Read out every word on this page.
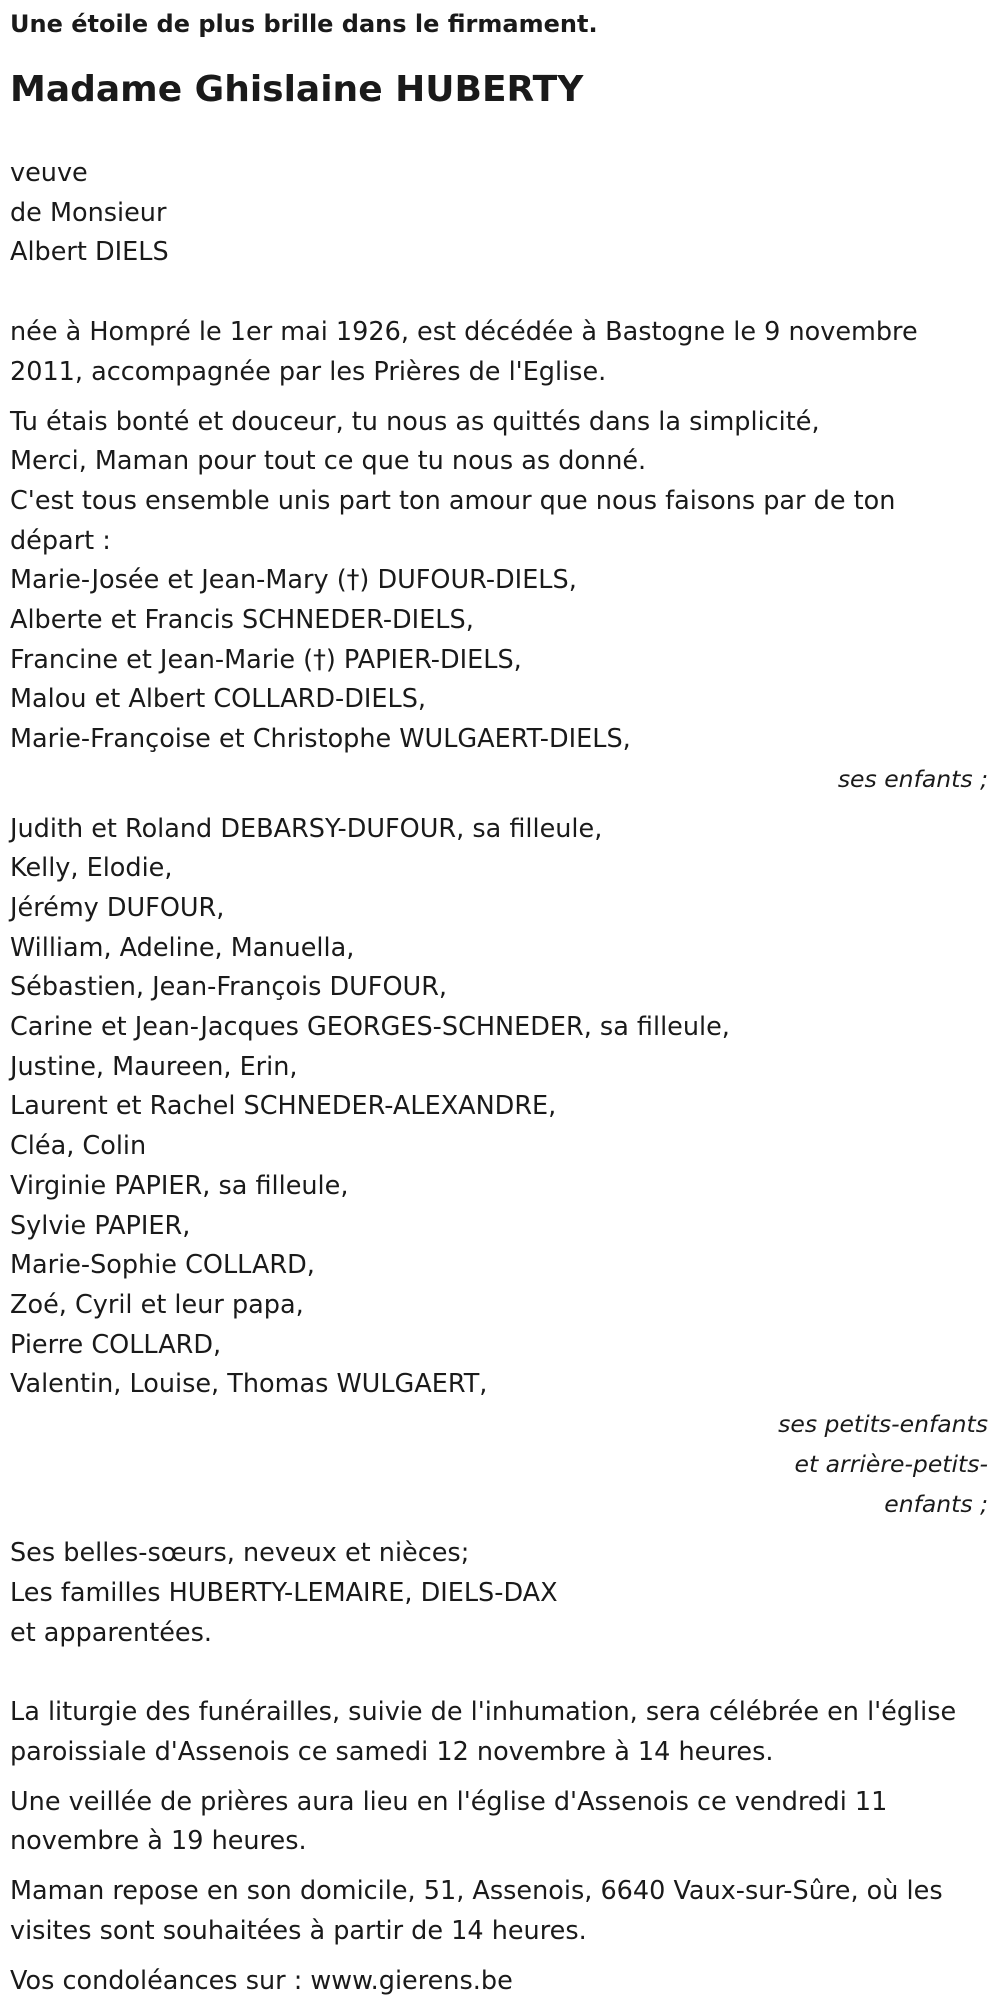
Une étoile de plus brille dans le firmament.
Madame Ghislaine HUBERTY
veuve
de Monsieur
Albert DIELS

née à Hompré le 1er mai 1926, est décédée à Bastogne le 9 novembre 2011, accompagnée par les Prières de l'Eglise.

Tu étais bonté et douceur, tu nous as quittés dans la simplicité,
Merci, Maman pour tout ce que tu nous as donné.
C'est tous ensemble unis part ton amour que nous faisons par de ton
départ :
Marie-Josée et Jean-Mary (†) DUFOUR-DIELS,
Alberte et Francis SCHNEDER-DIELS,
Francine et Jean-Marie (†) PAPIER-DIELS,
Malou et Albert COLLARD-DIELS,
Marie-Françoise et Christophe WULGAERT-DIELS,
ses enfants ;
Judith et Roland DEBARSY-DUFOUR, sa filleule,
Kelly, Elodie,
Jérémy DUFOUR,
William, Adeline, Manuella,
Sébastien, Jean-François DUFOUR,
Carine et Jean-Jacques GEORGES-SCHNEDER, sa filleule,
Justine, Maureen, Erin,
Laurent et Rachel SCHNEDER-ALEXANDRE,
Cléa, Colin
Virginie PAPIER, sa filleule,
Sylvie PAPIER,
Marie-Sophie COLLARD,
Zoé, Cyril et leur papa,
Pierre COLLARD,
Valentin, Louise, Thomas WULGAERT,
ses petits-enfants
et arrière-petits-
enfants ;
Ses belles-sœurs, neveux et nièces;
Les familles HUBERTY-LEMAIRE, DIELS-DAX
et apparentées.

La liturgie des funérailles, suivie de l'inhumation, sera célébrée en l'église paroissiale d'Assenois ce samedi 12 novembre à 14 heures.

Une veillée de prières aura lieu en l'église d'Assenois ce vendredi 11 novembre à 19 heures.

Maman repose en son domicile, 51, Assenois, 6640 Vaux-sur-Sûre, où les visites sont souhaitées à partir de 14 heures.

Vos condoléances sur : www.gierens.be
